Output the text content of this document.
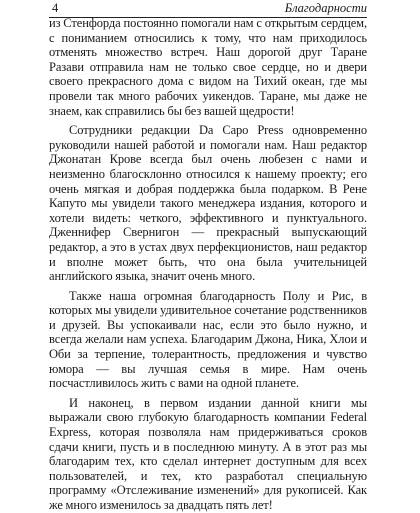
4	Благодарности

из Стенфорда постоянно помогали нам с открытым сердцем, с пониманием относились к тому, что нам приходилось отменять множество встреч. Наш дорогой друг Таране Разави отправила нам не только свое сердце, но и двери своего прекрасного дома с видом на Тихий океан, где мы провели так много рабочих уикендов. Таране, мы даже не знаем, как справились бы без вашей щедрости!

Сотрудники редакции Da Capo Press одновременно руководили нашей работой и помогали нам. Наш редактор Джонатан Крове всегда был очень любезен с нами и неизменно благосклонно относился к нашему проекту; его очень мягкая и добрая поддержка была подарком. В Рене Капуто мы увидели такого менеджера издания, которого и хотели видеть: четкого, эффективного и пунктуального. Дженнифер Свернигон — прекрасный выпускающий редактор, а это в устах двух перфекционистов, наш редактор и вполне может быть, что она была учительницей английского языка, значит очень много.

Также наша огромная благодарность Полу и Рис, в которых мы увидели удивительное сочетание родственников и друзей. Вы успокаивали нас, если это было нужно, и всегда желали нам успеха. Благодарим Джона, Ника, Хлои и Оби за терпение, толерантность, предложения и чувство юмора — вы лучшая семья в мире. Нам очень посчастливилось жить с вами на одной планете.

И наконец, в первом издании данной книги мы выражали свою глубокую благодарность компании Federal Express, которая позволяла нам придерживаться сроков сдачи книги, пусть и в последнюю минуту. А в этот раз мы благодарим тех, кто сделал интернет доступным для всех пользователей, и тех, кто разработал специальную программу «Отслеживание изменений» для рукописей. Как же много изменилось за двадцать пять лет!
